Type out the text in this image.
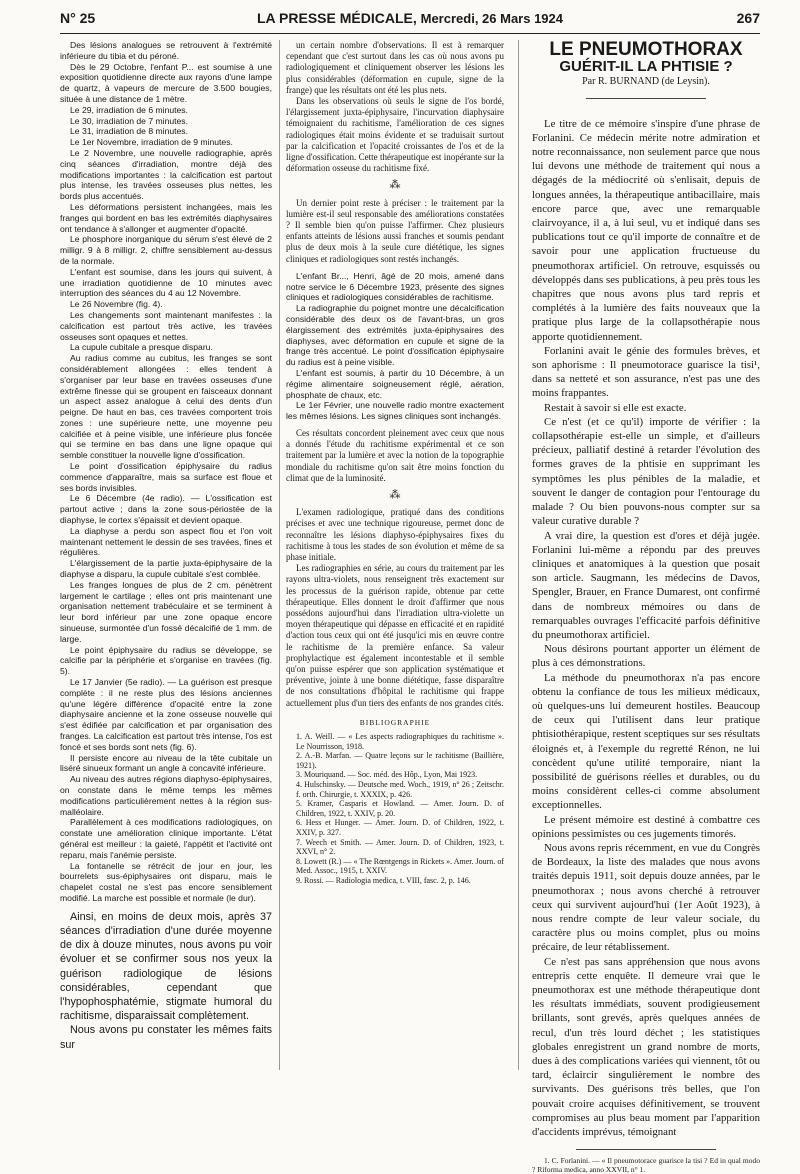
N° 25	LA PRESSE MÉDICALE, Mercredi, 26 Mars 1924	267

Des lésions analogues se retrouvent à l'extrémité inférieure du tibia et du péroné.

Dès le 29 Octobre, l'enfant P... est soumise à une exposition quotidienne directe aux rayons d'une lampe de quartz, à vapeurs de mercure de 3.500 bougies, située à une distance de 1 mètre.

Le 29, irradiation de 6 minutes.

Le 30, irradiation de 7 minutes.

Le 31, irradiation de 8 minutes.

Le 1er Novembre, irradiation de 9 minutes.

Le 2 Novembre, une nouvelle radiographie, après cinq séances d'irradiation, montre déjà des modifications importantes : la calcification est partout plus intense, les travées osseuses plus nettes, les bords plus accentués.

Les déformations persistent inchangées, mais les franges qui bordent en bas les extrémités diaphysaires ont tendance à s'allonger et augmenter d'opacité.

Le phosphore inorganique du sérum s'est élevé de 2 milligr. 9 à 8 milligr. 2, chiffre sensiblement au-dessus de la normale.

L'enfant est soumise, dans les jours qui suivent, à une irradiation quotidienne de 10 minutes avec interruption des séances du 4 au 12 Novembre.

Le 26 Novembre (fig. 4).

Les changements sont maintenant manifestes : la calcification est partout très active, les travées osseuses sont opaques et nettes.

La cupule cubitale a presque disparu.

Au radius comme au cubitus, les franges se sont considérablement allongées : elles tendent à s'organiser par leur base en travées osseuses d'une extrême finesse qui se groupent en faisceaux donnant un aspect assez analogue à celui des dents d'un peigne. De haut en bas, ces travées comportent trois zones : une supérieure nette, une moyenne peu calcifiée et à peine visible, une inférieure plus foncée qui se termine en bas dans une ligne opaque qui semble constituer la nouvelle ligne d'ossification.

Le point d'ossification épiphysaire du radius commence d'apparaître, mais sa surface est floue et ses bords invisibles.

Le 6 Décembre (4e radio). — L'ossification est partout active ; dans la zone sous-périostée de la diaphyse, le cortex s'épaissit et devient opaque.

La diaphyse a perdu son aspect flou et l'on voit maintenant nettement le dessin de ses travées, fines et régulières.

L'élargissement de la partie juxta-épiphysaire de la diaphyse a disparu, la cupule cubitale s'est comblée.

Les franges longues de plus de 2 cm. pénètrent largement le cartilage ; elles ont pris maintenant une organisation nettement trabéculaire et se terminent à leur bord inférieur par une zone opaque encore sinueuse, surmontée d'un fossé décalcifié de 1 mm. de large.

Le point épiphysaire du radius se développe, se calcifie par la périphérie et s'organise en travées (fig. 5).

Le 17 Janvier (5e radio). — La guérison est presque complète : il ne reste plus des lésions anciennes qu'une légère différence d'opacité entre la zone diaphysaire ancienne et la zone osseuse nouvelle qui s'est édifiée par calcification et par organisation des franges. La calcification est partout très intense, l'os est foncé et ses bords sont nets (fig. 6).

Il persiste encore au niveau de la tête cubitale un liséré sinueux formant un angle à concavité inférieure.

Au niveau des autres régions diaphyso-épiphysaires, on constate dans le même temps les mêmes modifications particulièrement nettes à la région sus-malléolaire.

Parallèlement à ces modifications radiologiques, on constate une amélioration clinique importante. L'état général est meilleur : la gaieté, l'appétit et l'activité ont reparu, mais l'anémie persiste.

La fontanelle se rétrécit de jour en jour, les bourrelets sus-épiphysaires ont disparu, mais le chapelet costal ne s'est pas encore sensiblement modifié. La marche est possible et normale (le dur).

Ainsi, en moins de deux mois, après 37 séances d'irradiation d'une durée moyenne de dix à douze minutes, nous avons pu voir évoluer et se confirmer sous nos yeux la guérison radiologique de lésions considérables, cependant que l'hypophosphatémie, stigmate humoral du rachitisme, disparaissait complètement.

Nous avons pu constater les mêmes faits sur

un certain nombre d'observations. Il est à remarquer cependant que c'est surtout dans les cas où nous avons pu radiologiquement et cliniquement observer les lésions les plus considérables (déformation en cupule, signe de la frange) que les résultats ont été les plus nets.

Dans les observations où seuls le signe de l'os bordé, l'élargissement juxta-épiphysaire, l'incurvation diaphysaire témoignaient du rachitisme, l'amélioration de ces signes radiologiques était moins évidente et se traduisait surtout par la calcification et l'opacité croissantes de l'os et de la ligne d'ossification. Cette thérapeutique est inopérante sur la déformation osseuse du rachitisme fixé.

⁂

Un dernier point reste à préciser : le traitement par la lumière est-il seul responsable des améliorations constatées ? Il semble bien qu'on puisse l'affirmer. Chez plusieurs enfants atteints de lésions aussi franches et soumis pendant plus de deux mois à la seule cure diététique, les signes cliniques et radiologiques sont restés inchangés.

L'enfant Br..., Henri, âgé de 20 mois, amené dans notre service le 6 Décembre 1923, présente des signes cliniques et radiologiques considérables de rachitisme.

La radiographie du poignet montre une décalcification considérable des deux os de l'avant-bras, un gros élargissement des extrémités juxta-épiphysaires des diaphyses, avec déformation en cupule et signe de la frange très accentué. Le point d'ossification épiphysaire du radius est à peine visible.

L'enfant est soumis, à partir du 10 Décembre, à un régime alimentaire soigneusement réglé, aération, phosphate de chaux, etc.

Le 1er Février, une nouvelle radio montre exactement les mêmes lésions. Les signes cliniques sont inchangés.

Ces résultats concordent pleinement avec ceux que nous a donnés l'étude du rachitisme expérimental et ce son traitement par la lumière et avec la notion de la topographie mondiale du rachitisme qu'on sait être moins fonction du climat que de la luminosité.

⁂

L'examen radiologique, pratiqué dans des conditions précises et avec une technique rigoureuse, permet donc de reconnaître les lésions diaphyso-épiphysaires fixes du rachitisme à tous les stades de son évolution et même de sa phase initiale.

Les radiographies en série, au cours du traitement par les rayons ultra-violets, nous renseignent très exactement sur les processus de la guérison rapide, obtenue par cette thérapeutique. Elles donnent le droit d'affirmer que nous possédons aujourd'hui dans l'irradiation ultra-violette un moyen thérapeutique qui dépasse en efficacité et en rapidité d'action tous ceux qui ont été jusqu'ici mis en œuvre contre le rachitisme de la première enfance. Sa valeur prophylactique est également incontestable et il semble qu'on puisse espérer que son application systématique et préventive, jointe à une bonne diététique, fasse disparaître de nos consultations d'hôpital le rachitisme qui frappe actuellement plus d'un tiers des enfants de nos grandes cités.

BIBLIOGRAPHIE

1. A. Weill. — « Les aspects radiographiques du rachitisme ». Le Nourrisson, 1918.

2. A.-B. Marfan. — Quatre leçons sur le rachitisme (Baillière, 1921).

3. Mouriquand. — Soc. méd. des Hôp., Lyon, Mai 1923.

4. Hulschinsky. — Deutsche med. Woch., 1919, n° 26 ; Zeitschr. f. orth. Chirurgie, t. XXXIX, p. 426.

5. Kramer, Casparis et Howland. — Amer. Journ. D. of Children, 1922, t. XXIV, p. 20.

6. Hess et Hunger. — Amer. Journ. D. of Children, 1922, t. XXIV, p. 327.

7. Weech et Smith. — Amer. Journ. D. of Children, 1923, t. XXVI, n° 2.

8. Lowett (R.) — « The Rœntgengs in Rickets ». Amer. Journ. of Med. Assoc., 1915, t. XXIV.

9. Rossi. — Radiologia medica, t. VIII, fasc. 2, p. 146.

LE PNEUMOTHORAX
GUÉRIT-IL LA PHTISIE ?
Par R. BURNAND (de Leysin).

Le titre de ce mémoire s'inspire d'une phrase de Forlanini. Ce médecin mérite notre admiration et notre reconnaissance, non seulement parce que nous lui devons une méthode de traitement qui nous a dégagés de la médiocrité où s'enlisait, depuis de longues années, la thérapeutique antibacillaire, mais encore parce que, avec une remarquable clairvoyance, il a, à lui seul, vu et indiqué dans ses publications tout ce qu'il importe de connaître et de savoir pour une application fructueuse du pneumothorax artificiel. On retrouve, esquissés ou développés dans ses publications, à peu près tous les chapitres que nous avons plus tard repris et complétés à la lumière des faits nouveaux que la pratique plus large de la collapsothérapie nous apporte quotidiennement.

Forlanini avait le génie des formules brèves, et son aphorisme : Il pneumotorace guarisce la tisi¹, dans sa netteté et son assurance, n'est pas une des moins frappantes.

Restait à savoir si elle est exacte.

Ce n'est (et ce qu'il) importe de vérifier : la collapsothérapie est-elle un simple, et d'ailleurs précieux, palliatif destiné à retarder l'évolution des formes graves de la phtisie en supprimant les symptômes les plus pénibles de la maladie, et souvent le danger de contagion pour l'entourage du malade ? Ou bien pouvons-nous compter sur sa valeur curative durable ?

A vrai dire, la question est d'ores et déjà jugée. Forlanini lui-même a répondu par des preuves cliniques et anatomiques à la question que posait son article. Saugmann, les médecins de Davos, Spengler, Brauer, en France Dumarest, ont confirmé dans de nombreux mémoires ou dans de remarquables ouvrages l'efficacité parfois définitive du pneumothorax artificiel.

Nous désirons pourtant apporter un élément de plus à ces démonstrations.

La méthode du pneumothorax n'a pas encore obtenu la confiance de tous les milieux médicaux, où quelques-uns lui demeurent hostiles. Beaucoup de ceux qui l'utilisent dans leur pratique phtisiothérapique, restent sceptiques sur ses résultats éloignés et, à l'exemple du regretté Rénon, ne lui concèdent qu'une utilité temporaire, niant la possibilité de guérisons réelles et durables, ou du moins considèrent celles-ci comme absolument exceptionnelles.

Le présent mémoire est destiné à combattre ces opinions pessimistes ou ces jugements timorés.

Nous avons repris récemment, en vue du Congrès de Bordeaux, la liste des malades que nous avons traités depuis 1911, soit depuis douze années, par le pneumothorax ; nous avons cherché à retrouver ceux qui survivent aujourd'hui (1er Août 1923), à nous rendre compte de leur valeur sociale, du caractère plus ou moins complet, plus ou moins précaire, de leur rétablissement.

Ce n'est pas sans appréhension que nous avons entrepris cette enquête. Il demeure vrai que le pneumothorax est une méthode thérapeutique dont les résultats immédiats, souvent prodigieusement brillants, sont grevés, après quelques années de recul, d'un très lourd déchet ; les statistiques globales enregistrent un grand nombre de morts, dues à des complications variées qui viennent, tôt ou tard, éclaircir singulièrement le nombre des survivants. Des guérisons très belles, que l'on pouvait croire acquises définitivement, se trouvent compromises au plus beau moment par l'apparition d'accidents imprévus, témoignant

1. C. Forlanini. — « Il pneumotorace guarisce la tisi ? Ed in qual modo ? Riforma medica, anno XXVII, n° 1.
